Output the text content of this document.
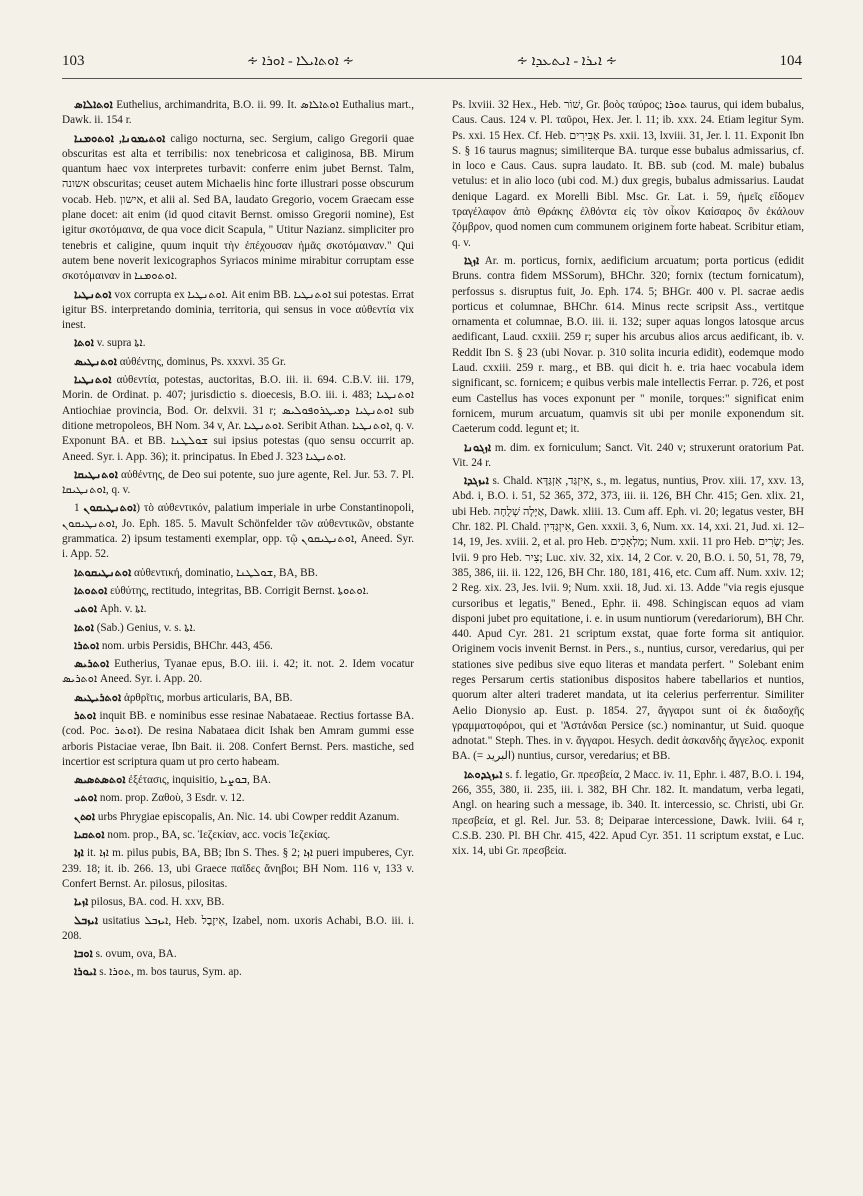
103	∻ ܐܘܬܐܝܠܐ - ܐܘܪܐ ∻	∻ ܐܝܪܐ - ܐܝܬܥܕܐ ∻	104

ܐܘܬܐܠܐܣ Euthelius, archimandrita, B.O. ii. 99. It. ܐܘܬܐܠܐܣ Euthalius mart., Dawk. ii. 154 r.

ܐܘܬܝܡܘܢܐ, ܐܘܬܘܡܢܐ caligo nocturna, sec. Sergium, caligo Gregorii quae obscuritas est alta et terribilis: nox tenebricosa et caliginosa, BB. Mirum quantum haec vox interpretes turbavit: conferre enim jubet Bernst. Talm, אשונה obscuritas; ceuset autem Michaelis hinc forte illustrari posse obscurum vocab. Heb. אישון, et alii al. Sed BA, laudato Gregorio, vocem Graecam esse plane docet: ait enim (id quod citavit Bernst. omisso Gregorii nomine), Est igitur σκοτόμαινα, de qua voce dicit Scapula, " Utitur Nazianz. simpliciter pro tenebris et caligine, quum inquit τὴν ἐπέχουσαν ἡμᾶς σκοτόμαιναν." Qui autem bene noverit lexicographos Syriacos minime mirabitur corruptam esse σκοτόμαιναν in ܐܘܬܘܡܢܐ.

ܐܘܬܢܛܝܐ vox corrupta ex ܐܘܬܢܛܝܐ. Ait enim BB. ܐܘܬܢܛܝܐ sui potestas. Errat igitur BS. interpretando dominia, territoria, qui sensus in voce αὐθεντία vix inest.

ܐܘܬܐ v. supra ܐܬܐ.

ܐܘܬܢܛܝܣ αὐθέντης, dominus, Ps. xxxvi. 35 Gr.

ܐܘܬܢܛܝܐ αὐθεντία, potestas, auctoritas, B.O. iii. ii. 694. C.B.V. iii. 179, Morin. de Ordinat. p. 407; jurisdictio s. dioecesis, B.O. iii. i. 483; ܐܘܬܢܛܝܐ Antiochiae provincia, Bod. Or. delxvii. 31 r; ܐܘܬܢܛܝܐ ܕܡܝܛܪܘܦܘܠܝܣ sub ditione metropoleos, BH Nom. 34 v, Ar. ܐܘܬܢܛܝܐ. Seribit Athan. ܐܘܬܢܛܝܐ, q. v. Exponunt BA. et BB. ܫܘܠܛܢܐ sui ipsius potestas (quo sensu occurrit ap. Aneed. Syr. i. App. 36); it. principatus. In Ebed J. 323 ܐܘܬܢܛܝܐ.

ܐܘܬܢܛܝܩܐ αὐθέντης, de Deo sui potente, suo jure agente, Rel. Jur. 53. 7. Pl. ܐܘܬܢܛܝܩܐ, q. v.

ܐܘܬܢܛܝܩܘܢ 1) τὸ αὐθεντικόν, palatium imperiale in urbe Constantinopoli, ܐܘܬܢܛܝܩܘܢ, Jo. Eph. 185. 5. Mavult Schönfelder τῶν αὐθεντικῶν, obstante grammatica. 2) ipsum testamenti exemplar, opp. τῷ ܐܘܬܢܛܝܩܘܢ, Aneed. Syr. i. App. 52.

ܐܘܬܢܛܝܩܘܬܐ αὐθεντική, dominatio, ܫܘܠܛܢܐ, BA, BB.

ܐܘܬܘܬܐ εὐθύτης, rectitudo, integritas, BB. Corrigit Bernst. ܐܘܬܘܬܐ.

ܐܘܬܝ Aph. v. ܐܬܐ.

ܐܘܬܐ (Sab.) Genius, v. s. ܐܬܐ.

ܐܘܬܪܐ nom. urbis Persidis, BHChr. 443, 456.

ܐܘܬܪܝܣ Eutherius, Tyanae epus, B.O. iii. i. 42; it. not. 2. Idem vocatur ܐܘܬܪܝܣ Aneed. Syr. i. App. 20.

ܐܘܬܪܝܛܝܣ ἀρθρῖτις, morbus articularis, BA, BB.

ܐܘܬܪ inquit BB. e nominibus esse resinae Nabataeae. Rectius fortasse BA. (cod. Poc. ܐܘܬܪ). De resina Nabataea dicit Ishak ben Amram gummi esse arboris Pistaciae verae, Ibn Bait. ii. 208. Confert Bernst. Pers. mastiche, sed incertior est scriptura quam ut pro certo habeam.

ܐܘܬܣܬܣܝܣ ἐξέτασις, inquisitio, ܒܘܨܝܐ, BA.

ܐܘܬܝ nom. prop. Ζαθοὺ, 3 Esdr. v. 12.

ܐܘܬܢ urbs Phrygiae episcopalis, An. Nic. 14. ubi Cowper reddit Azanum.

ܐܘܬܩܝܐ nom. prop., BA, sc. Ἰεζεκίαν, acc. vocis Ἰεζεκίας.

ܐܙܐ it. ܐܙܐ m. pilus pubis, BA, BB; Ibn S. Thes. § 2; ܐܙܐ pueri impuberes, Cyr. 239. 18; it. ib. 266. 13, ubi Graece παῖδες ἄνηβοι; BH Nom. 116 v, 133 v. Confert Bernst. Ar. pilosus, pilositas.

ܐܙܝܐ pilosus, BA. cod. H. xxv, BB.

ܐܝܙܒܠ usitatius ܐܝܙܒܠ, Heb. אִיזֶבֶל, Izabel, nom. uxoris Achabi, B.O. iii. i. 208.

ܐܘܒܐ s. ovum, ova, BA.

ܐܝܘܪܐ s. ܬܘܪܐ, m. bos taurus, Sym. ap.

Ps. lxviii. 32 Hex., Heb. שׁוֹר, Gr. βοὸς ταύρος; ܬܘܪܐ taurus, qui idem bubalus, Caus. Caus. 124 v. Pl. ταῦροι, Hex. Jer. l. 11; ib. xxx. 24. Etiam legitur Sym. Ps. xxi. 15 Hex. Cf. Heb. אַבִּירִים Ps. xxii. 13, lxviii. 31, Jer. l. 11. Exponit Ibn S. § 16 taurus magnus; similiterque BA. turque esse bubalus admissarius, cf. in loco e Caus. Caus. supra laudato. It. BB. sub (cod. M. male) bubalus vetulus: et in alio loco (ubi cod. M.) dux gregis, bubalus admissarius. Laudat denique Lagard. ex Morelli Bibl. Msc. Gr. Lat. i. 59, ἡμεῖς εἴδομεν τραγέλαφον ἀπὸ Θράκης ἐλθόντα εἰς τὸν οἶκον Καίσαρος ὃν ἐκάλουν ζόμβρον, quod nomen cum communem originem forte habeat. Scribitur etiam, q. v.

ܐܙܓܐ Ar. m. porticus, fornix, aedificium arcuatum; porta porticus (edidit Bruns. contra fidem MSSorum), BHChr. 320; fornix (tectum fornicatum), perfossus s. disruptus fuit, Jo. Eph. 174. 5; BHGr. 400 v. Pl. sacrae aedis porticus et columnae, BHChr. 614. Minus recte scripsit Ass., vertitque ornamenta et columnae, B.O. iii. ii. 132; super aquas longos latosque arcus aedificant, Laud. cxxiii. 259 r; super his arcubus alios arcus aedificant, ib. v. Reddit Ibn S. § 23 (ubi Novar. p. 310 solita incuria edidit), eodemque modo Laud. cxxiii. 259 r. marg., et BB. qui dicit h. e. tria haec vocabula idem significant, sc. fornicem; e quibus verbis male intellectis Ferrar. p. 726, et post eum Castellus has voces exponunt per " monile, torques:" significat enim fornicem, murum arcuatum, quamvis sit ubi per monile exponendum sit. Caeterum codd. legunt et; it.

ܐܙܓܘܢܐ m. dim. ex forniculum; Sanct. Vit. 240 v; struxerunt oratorium Pat. Vit. 24 r.

ܐܝܙܓܕܐ s. Chald. אִיזְגַּד, אִזְגַּדָּא, s., m. legatus, nuntius, Prov. xiii. 17, xxv. 13, Abd. i, B.O. i. 51, 52 365, 372, 373, iii. ii. 126, BH Chr. 415; Gen. xlix. 21, ubi Heb. אַיָּלָה שְׁלֻחָה, Dawk. xliii. 13. Cum aff. Eph. vi. 20; legatus vester, BH Chr. 182. Pl. Chald. אִיזְגַּדִּין, Gen. xxxii. 3, 6, Num. xx. 14, xxi. 21, Jud. xi. 12–14, 19, Jes. xviii. 2, et al. pro Heb. מַלְאָכִים; Num. xxii. 11 pro Heb. שָׂרִים; Jes. lvii. 9 pro Heb. צִיר; Luc. xiv. 32, xix. 14, 2 Cor. v. 20, B.O. i. 50, 51, 78, 79, 385, 386, iii. ii. 122, 126, BH Chr. 180, 181, 416, etc. Cum aff. Num. xxiv. 12; 2 Reg. xix. 23, Jes. lvii. 9; Num. xxii. 18, Jud. xi. 13. Adde "via regis ejusque cursoribus et legatis," Bened., Ephr. ii. 498. Schingiscan equos ad viam disponi jubet pro equitatione, i. e. in usum nuntiorum (veredariorum), BH Chr. 440. Apud Cyr. 281. 21 scriptum exstat, quae forte forma sit antiquior. Originem vocis invenit Bernst. in Pers., s., nuntius, cursor, veredarius, qui per stationes sive pedibus sive equo literas et mandata perfert. " Solebant enim reges Persarum certis stationibus dispositos habere tabellarios et nuntios, quorum alter alteri traderet mandata, ut ita celerius perferrentur. Similiter Aelio Dionysio ap. Eust. p. 1854. 27, ἄγγαροι sunt οἱ ἐκ διαδοχῆς γραμματοφόροι, qui et 'Ἀστάνδαι Persice (sc.) nominantur, ut Suid. quoque adnotat." Steph. Thes. in v. ἄγγαροι. Hesych. dedit ἀσκανδὴς ἄγγελος. exponit BA. (= البريد) nuntius, cursor, veredarius; et BB.

ܐܝܙܓܕܘܬܐ s. f. legatio, Gr. πρεσβεία, 2 Macc. iv. 11, Ephr. i. 487, B.O. i. 194, 266, 355, 380, ii. 235, iii. i. 382, BH Chr. 182. It. mandatum, verba legati, Angl. on hearing such a message, ib. 340. It. intercessio, sc. Christi, ubi Gr. πρεσβεία, et gl. Rel. Jur. 53. 8; Deiparae intercessione, Dawk. lviii. 64 r, C.S.B. 230. Pl. BH Chr. 415, 422. Apud Cyr. 351. 11 scriptum exstat, e Luc. xix. 14, ubi Gr. πρεσβεία.
